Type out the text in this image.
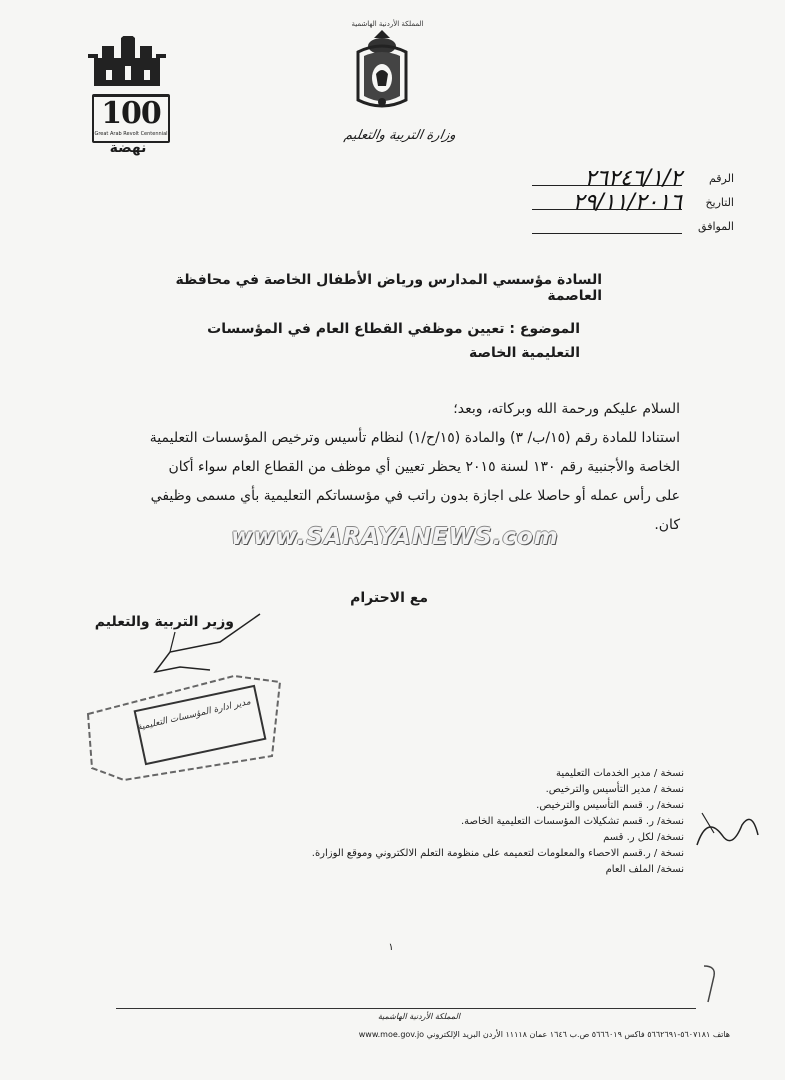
100
Great Arab Revolt Centennial
نهضة
المملكة الأردنية الهاشمية
وزارة التربية والتعليم
الرقم
٢٦٢٤٦/١/٢
التاريخ
٢٩/١١/٢٠١٦
الموافق
السادة مؤسسي المدارس ورياض الأطفال الخاصة في محافظة العاصمة
الموضوع : تعيين موظفي القطاع العام في المؤسسات
التعليمية الخاصة
السلام عليكم ورحمة الله وبركاته، وبعد؛
استنادا للمادة رقم (١٥/ب/ ٣) والمادة (١٥/ح/١) لنظام تأسيس وترخيص المؤسسات التعليمية
الخاصة والأجنبية رقم ١٣٠ لسنة ٢٠١٥ يحظر تعيين أي موظف من القطاع العام سواء أكان
على رأس عمله أو حاصلا على اجازة بدون راتب في مؤسساتكم التعليمية بأي مسمى وظيفي
كان.
www.SARAYANEWS.com
مع الاحترام
وزير التربية والتعليم
مدير ادارة المؤسسات التعليمية
نسخة / مدير الخدمات التعليمية
نسخة / مدير التأسيس والترخيص.
نسخة/ ر. قسم التأسيس والترخيص.
نسخة/ ر. قسم تشكيلات المؤسسات التعليمية الخاصة.
نسخة/ لكل ر. قسم
نسخة / ر.قسم الاحصاء والمعلومات لتعميمه على منظومة التعلم الالكتروني وموقع الوزارة.
نسخة/ الملف العام
١
المملكة الأردنية الهاشمية
هاتف ٥٦٠٧١٨١-٥٦٦٢٦٩١ فاكس ٥٦٦٦٠١٩ ص.ب ١٦٤٦ عمان ١١١١٨ الأردن البريد الإلكتروني www.moe.gov.jo
